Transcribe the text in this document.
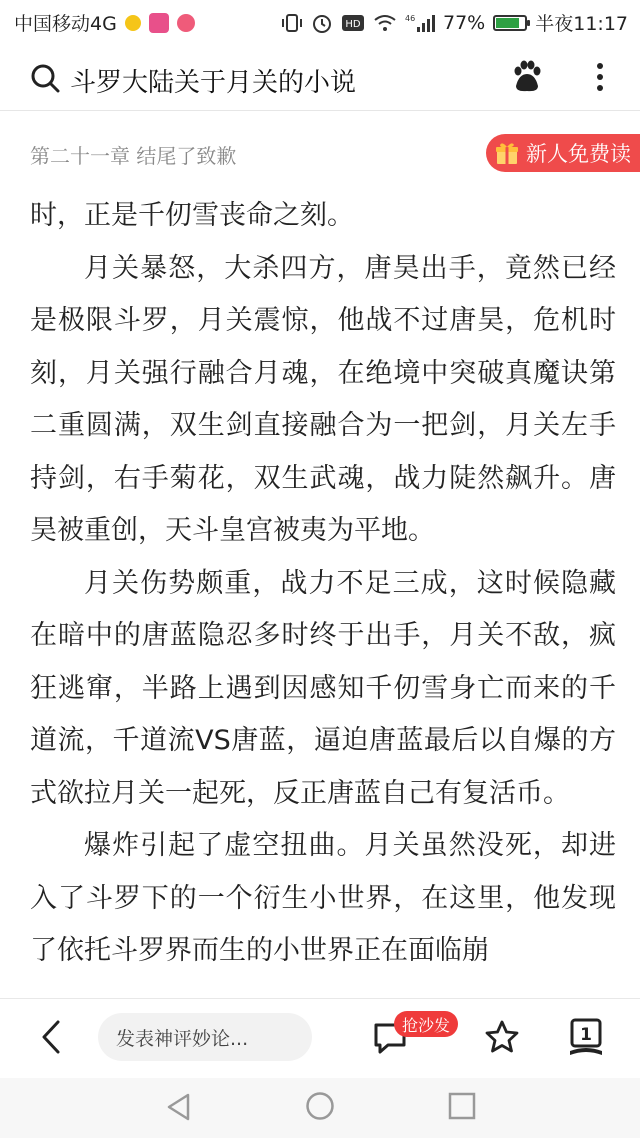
中国移动4G	HD
46 77%	半夜11:17
斗罗大陆关于月关的小说
第二十一章 结尾了致歉	新人免费读

时，正是千仞雪丧命之刻。

月关暴怒，大杀四方，唐昊出手，竟然已经是极限斗罗，月关震惊，他战不过唐昊，危机时刻，月关强行融合月魂，在绝境中突破真魔诀第二重圆满，双生剑直接融合为一把剑，月关左手持剑，右手菊花，双生武魂，战力陡然飙升。唐昊被重创，天斗皇宫被夷为平地。

月关伤势颇重，战力不足三成，这时候隐藏在暗中的唐蓝隐忍多时终于出手，月关不敌，疯狂逃窜，半路上遇到因感知千仞雪身亡而来的千道流，千道流VS唐蓝，逼迫唐蓝最后以自爆的方式欲拉月关一起死，反正唐蓝自己有复活币。

爆炸引起了虚空扭曲。月关虽然没死，却进入了斗罗下的一个衍生小世界，在这里，他发现了依托斗罗界而生的小世界正在面临崩

发表神评妙论...
抢沙发	1
